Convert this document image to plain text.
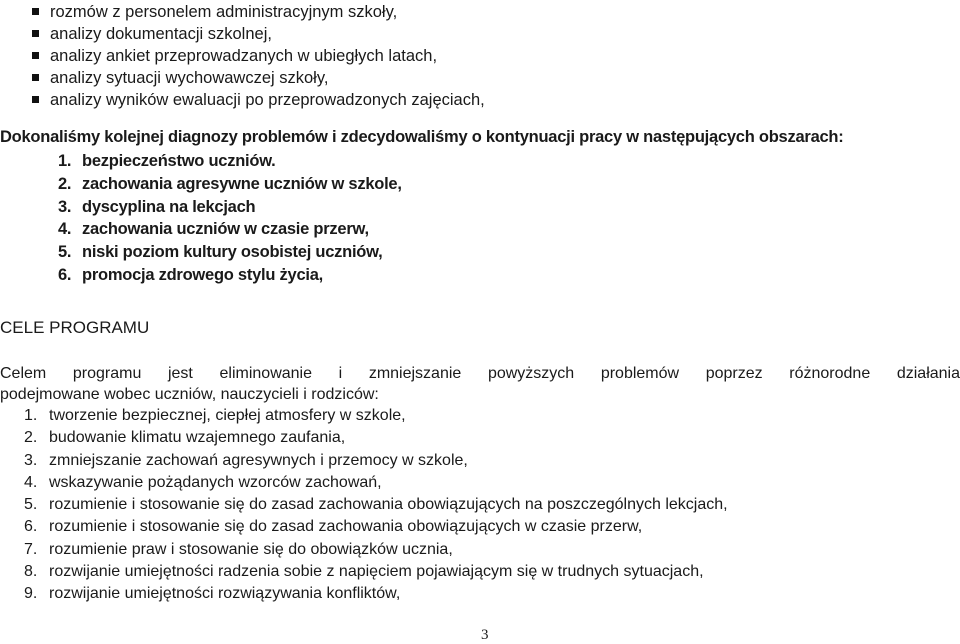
rozmów z personelem administracyjnym szkoły,
analizy dokumentacji szkolnej,
analizy ankiet przeprowadzanych w ubiegłych latach,
analizy sytuacji wychowawczej szkoły,
analizy wyników ewaluacji po przeprowadzonych zajęciach,
Dokonaliśmy kolejnej diagnozy problemów i zdecydowaliśmy o kontynuacji pracy w następujących obszarach:
1. bezpieczeństwo uczniów.
2. zachowania agresywne uczniów w szkole,
3. dyscyplina na lekcjach
4. zachowania uczniów w czasie przerw,
5. niski poziom kultury osobistej uczniów,
6. promocja zdrowego stylu życia,
CELE PROGRAMU
Celem programu jest eliminowanie i zmniejszanie powyższych problemów poprzez różnorodne działania
podejmowane wobec uczniów, nauczycieli i rodziców:
1. tworzenie bezpiecznej, ciepłej atmosfery w szkole,
2. budowanie klimatu wzajemnego zaufania,
3. zmniejszanie zachowań agresywnych i przemocy w szkole,
4. wskazywanie pożądanych wzorców zachowań,
5. rozumienie i stosowanie się do zasad zachowania obowiązujących na poszczególnych lekcjach,
6. rozumienie i stosowanie się do zasad zachowania obowiązujących w czasie przerw,
7. rozumienie praw i stosowanie się do obowiązków ucznia,
8. rozwijanie umiejętności radzenia sobie z napięciem pojawiającym się w trudnych sytuacjach,
9. rozwijanie umiejętności rozwiązywania konfliktów,
3
